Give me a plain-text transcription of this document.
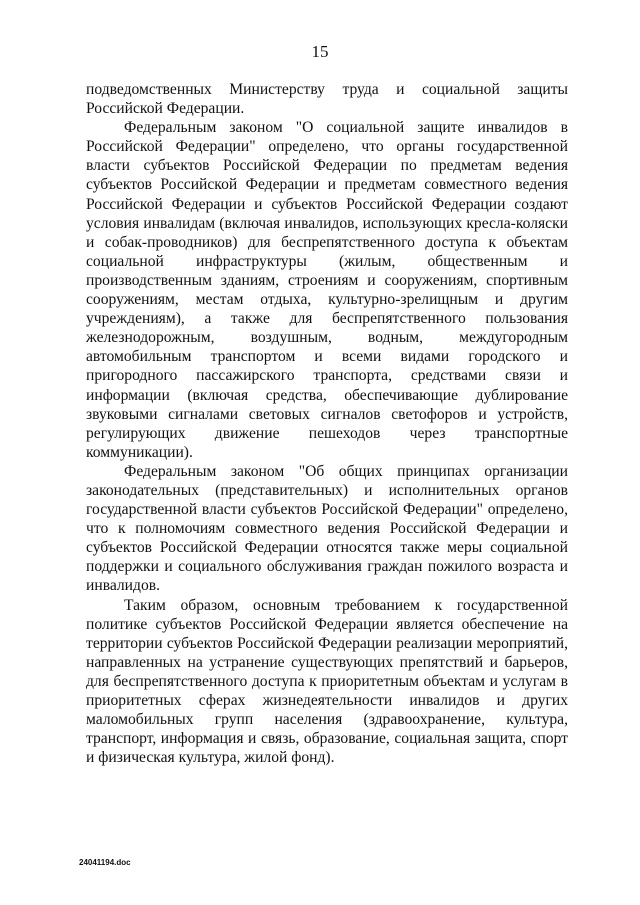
15

подведомственных Министерству труда и социальной защиты Российской Федерации.

Федеральным законом "О социальной защите инвалидов в Российской Федерации" определено, что органы государственной власти субъектов Российской Федерации по предметам ведения субъектов Российской Федерации и предметам совместного ведения Российской Федерации и субъектов Российской Федерации создают условия инвалидам (включая инвалидов, использующих кресла-коляски и собак-проводников) для беспрепятственного доступа к объектам социальной инфраструктуры (жилым, общественным и производственным зданиям, строениям и сооружениям, спортивным сооружениям, местам отдыха, культурно-зрелищным и другим учреждениям), а также для беспрепятственного пользования железнодорожным, воздушным, водным, междугородным автомобильным транспортом и всеми видами городского и пригородного пассажирского транспорта, средствами связи и информации (включая средства, обеспечивающие дублирование звуковыми сигналами световых сигналов светофоров и устройств, регулирующих движение пешеходов через транспортные коммуникации).

Федеральным законом "Об общих принципах организации законодательных (представительных) и исполнительных органов государственной власти субъектов Российской Федерации" определено, что к полномочиям совместного ведения Российской Федерации и субъектов Российской Федерации относятся также меры социальной поддержки и социального обслуживания граждан пожилого возраста и инвалидов.

Таким образом, основным требованием к государственной политике субъектов Российской Федерации является обеспечение на территории субъектов Российской Федерации реализации мероприятий, направленных на устранение существующих препятствий и барьеров, для беспрепятственного доступа к приоритетным объектам и услугам в приоритетных сферах жизнедеятельности инвалидов и других маломобильных групп населения (здравоохранение, культура, транспорт, информация и связь, образование, социальная защита, спорт и физическая культура, жилой фонд).

24041194.doc
